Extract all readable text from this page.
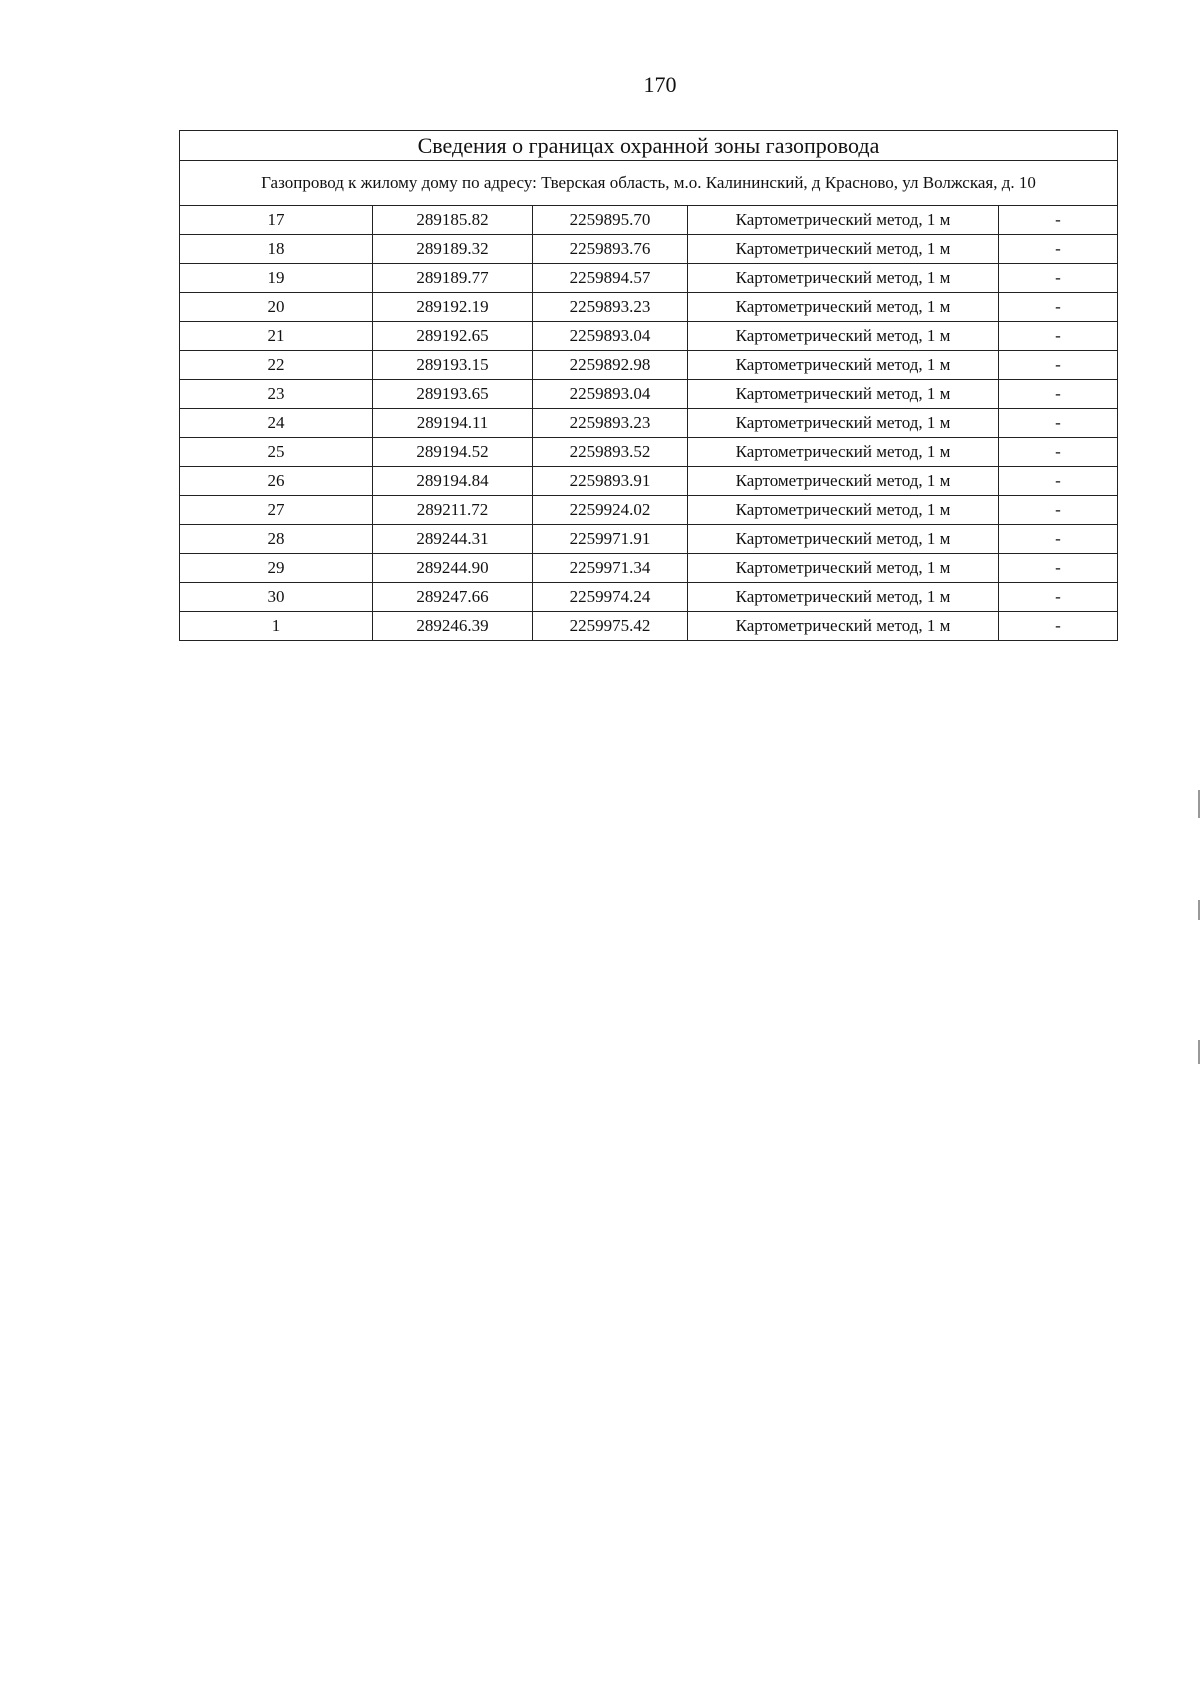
170
Сведения о границах охранной зоны газопровода				
Газопровод к жилому дому по адресу: Тверская область, м.о. Калининский, д Красново, ул Волжская, д. 10				
17	289185.82	2259895.70	Картометрический метод, 1 м	-
18	289189.32	2259893.76	Картометрический метод, 1 м	-
19	289189.77	2259894.57	Картометрический метод, 1 м	-
20	289192.19	2259893.23	Картометрический метод, 1 м	-
21	289192.65	2259893.04	Картометрический метод, 1 м	-
22	289193.15	2259892.98	Картометрический метод, 1 м	-
23	289193.65	2259893.04	Картометрический метод, 1 м	-
24	289194.11	2259893.23	Картометрический метод, 1 м	-
25	289194.52	2259893.52	Картометрический метод, 1 м	-
26	289194.84	2259893.91	Картометрический метод, 1 м	-
27	289211.72	2259924.02	Картометрический метод, 1 м	-
28	289244.31	2259971.91	Картометрический метод, 1 м	-
29	289244.90	2259971.34	Картометрический метод, 1 м	-
30	289247.66	2259974.24	Картометрический метод, 1 м	-
1	289246.39	2259975.42	Картометрический метод, 1 м	-
